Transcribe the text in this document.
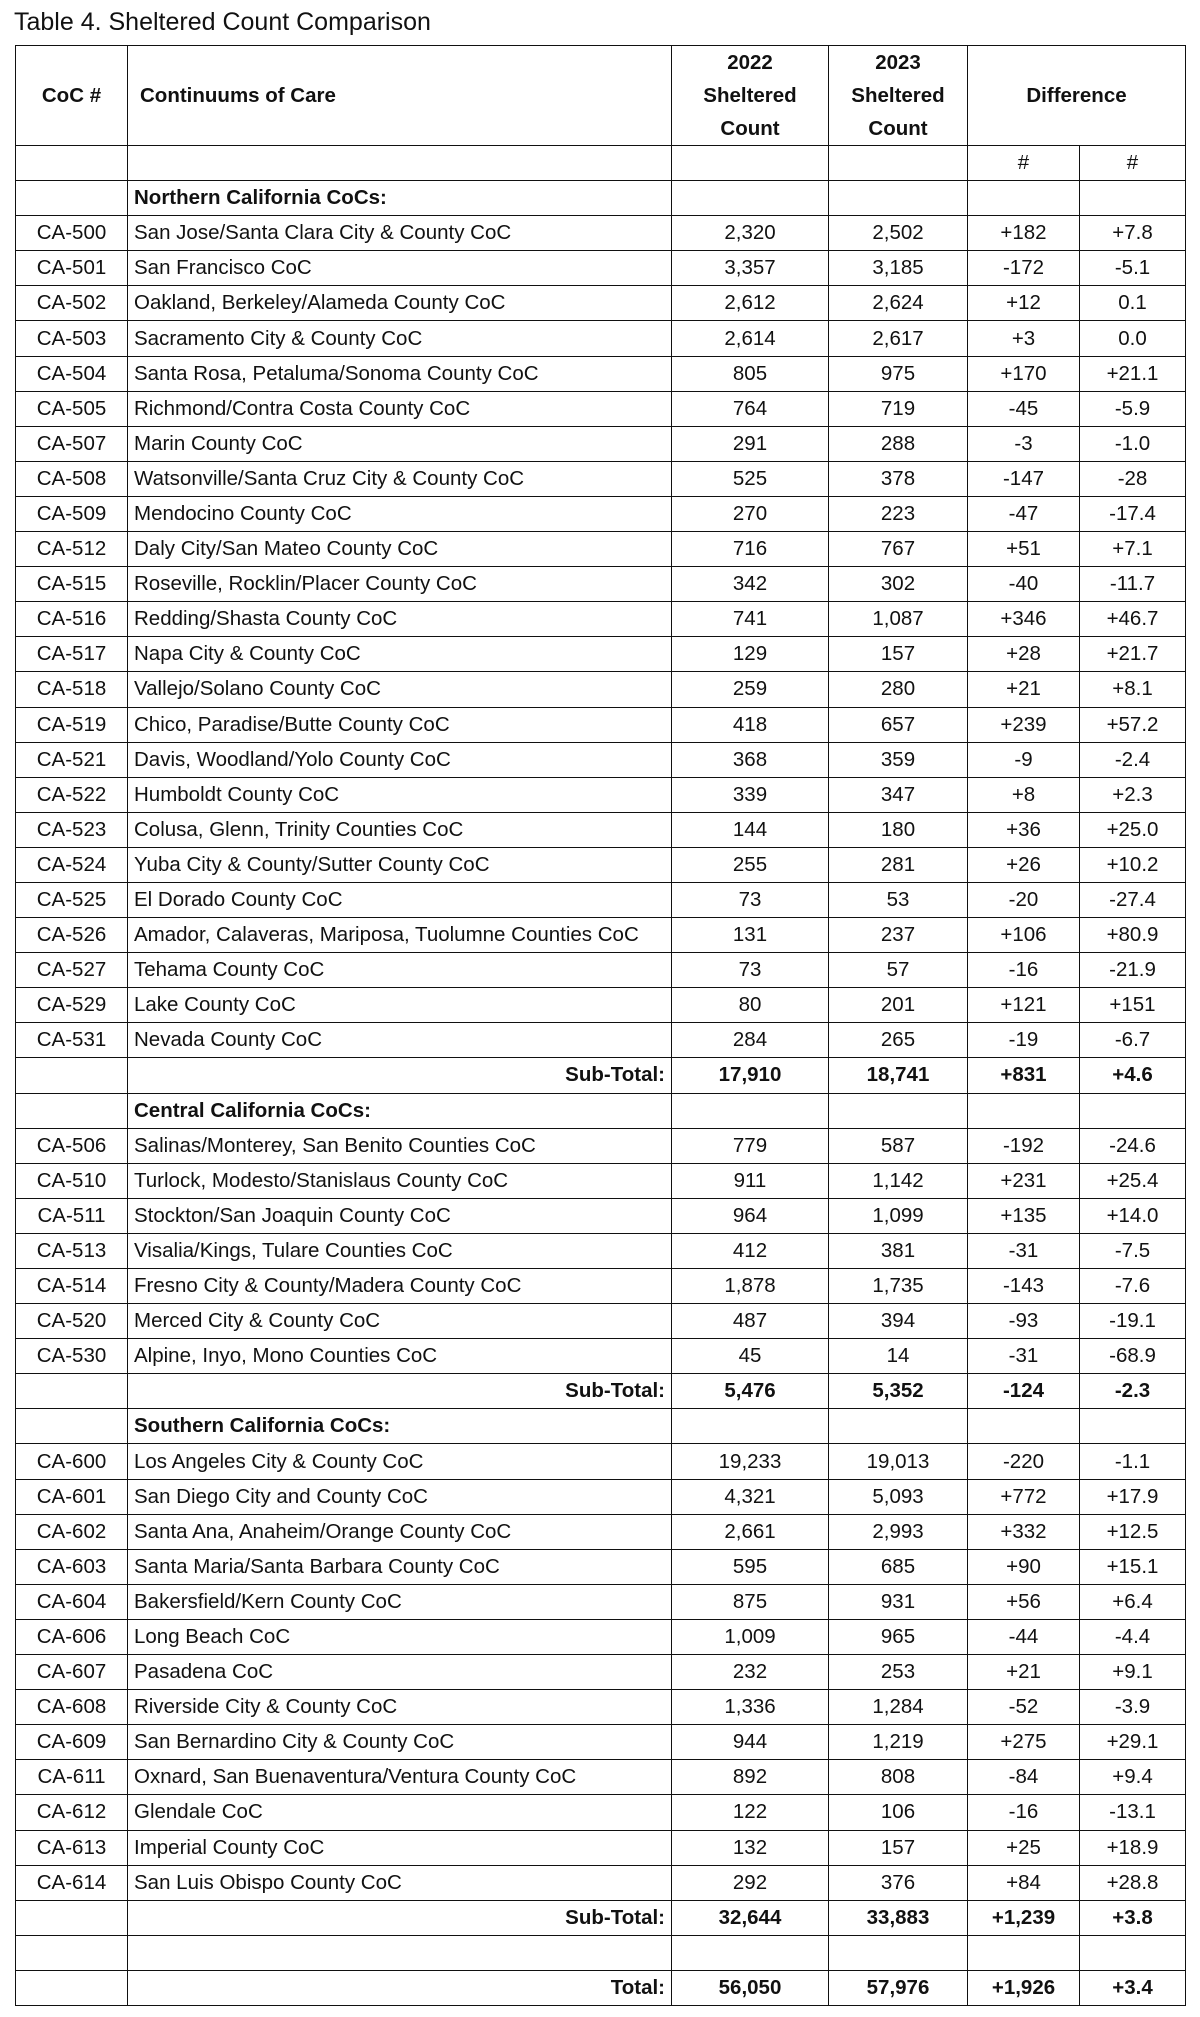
Table 4. Sheltered Count Comparison
CoC #	Continuums of Care	2022 Sheltered Count	2023 Sheltered Count	Difference	
				#	#
	Northern California CoCs:				
CA-500	San Jose/Santa Clara City & County CoC	2,320	2,502	+182	+7.8
CA-501	San Francisco CoC	3,357	3,185	-172	-5.1
CA-502	Oakland, Berkeley/Alameda County CoC	2,612	2,624	+12	0.1
CA-503	Sacramento City & County CoC	2,614	2,617	+3	0.0
CA-504	Santa Rosa, Petaluma/Sonoma County CoC	805	975	+170	+21.1
CA-505	Richmond/Contra Costa County CoC	764	719	-45	-5.9
CA-507	Marin County CoC	291	288	-3	-1.0
CA-508	Watsonville/Santa Cruz City & County CoC	525	378	-147	-28
CA-509	Mendocino County CoC	270	223	-47	-17.4
CA-512	Daly City/San Mateo County CoC	716	767	+51	+7.1
CA-515	Roseville, Rocklin/Placer County CoC	342	302	-40	-11.7
CA-516	Redding/Shasta County CoC	741	1,087	+346	+46.7
CA-517	Napa City & County CoC	129	157	+28	+21.7
CA-518	Vallejo/Solano County CoC	259	280	+21	+8.1
CA-519	Chico, Paradise/Butte County CoC	418	657	+239	+57.2
CA-521	Davis, Woodland/Yolo County CoC	368	359	-9	-2.4
CA-522	Humboldt County CoC	339	347	+8	+2.3
CA-523	Colusa, Glenn, Trinity Counties CoC	144	180	+36	+25.0
CA-524	Yuba City & County/Sutter County CoC	255	281	+26	+10.2
CA-525	El Dorado County CoC	73	53	-20	-27.4
CA-526	Amador, Calaveras, Mariposa, Tuolumne Counties CoC	131	237	+106	+80.9
CA-527	Tehama County CoC	73	57	-16	-21.9
CA-529	Lake County CoC	80	201	+121	+151
CA-531	Nevada County CoC	284	265	-19	-6.7
	Sub-Total:	17,910	18,741	+831	+4.6
	Central California CoCs:				
CA-506	Salinas/Monterey, San Benito Counties CoC	779	587	-192	-24.6
CA-510	Turlock, Modesto/Stanislaus County CoC	911	1,142	+231	+25.4
CA-511	Stockton/San Joaquin County CoC	964	1,099	+135	+14.0
CA-513	Visalia/Kings, Tulare Counties CoC	412	381	-31	-7.5
CA-514	Fresno City & County/Madera County CoC	1,878	1,735	-143	-7.6
CA-520	Merced City & County CoC	487	394	-93	-19.1
CA-530	Alpine, Inyo, Mono Counties CoC	45	14	-31	-68.9
	Sub-Total:	5,476	5,352	-124	-2.3
	Southern California CoCs:				
CA-600	Los Angeles City & County CoC	19,233	19,013	-220	-1.1
CA-601	San Diego City and County CoC	4,321	5,093	+772	+17.9
CA-602	Santa Ana, Anaheim/Orange County CoC	2,661	2,993	+332	+12.5
CA-603	Santa Maria/Santa Barbara County CoC	595	685	+90	+15.1
CA-604	Bakersfield/Kern County CoC	875	931	+56	+6.4
CA-606	Long Beach CoC	1,009	965	-44	-4.4
CA-607	Pasadena CoC	232	253	+21	+9.1
CA-608	Riverside City & County CoC	1,336	1,284	-52	-3.9
CA-609	San Bernardino City & County CoC	944	1,219	+275	+29.1
CA-611	Oxnard, San Buenaventura/Ventura County CoC	892	808	-84	+9.4
CA-612	Glendale CoC	122	106	-16	-13.1
CA-613	Imperial County CoC	132	157	+25	+18.9
CA-614	San Luis Obispo County CoC	292	376	+84	+28.8
	Sub-Total:	32,644	33,883	+1,239	+3.8

	Total:	56,050	57,976	+1,926	+3.4
